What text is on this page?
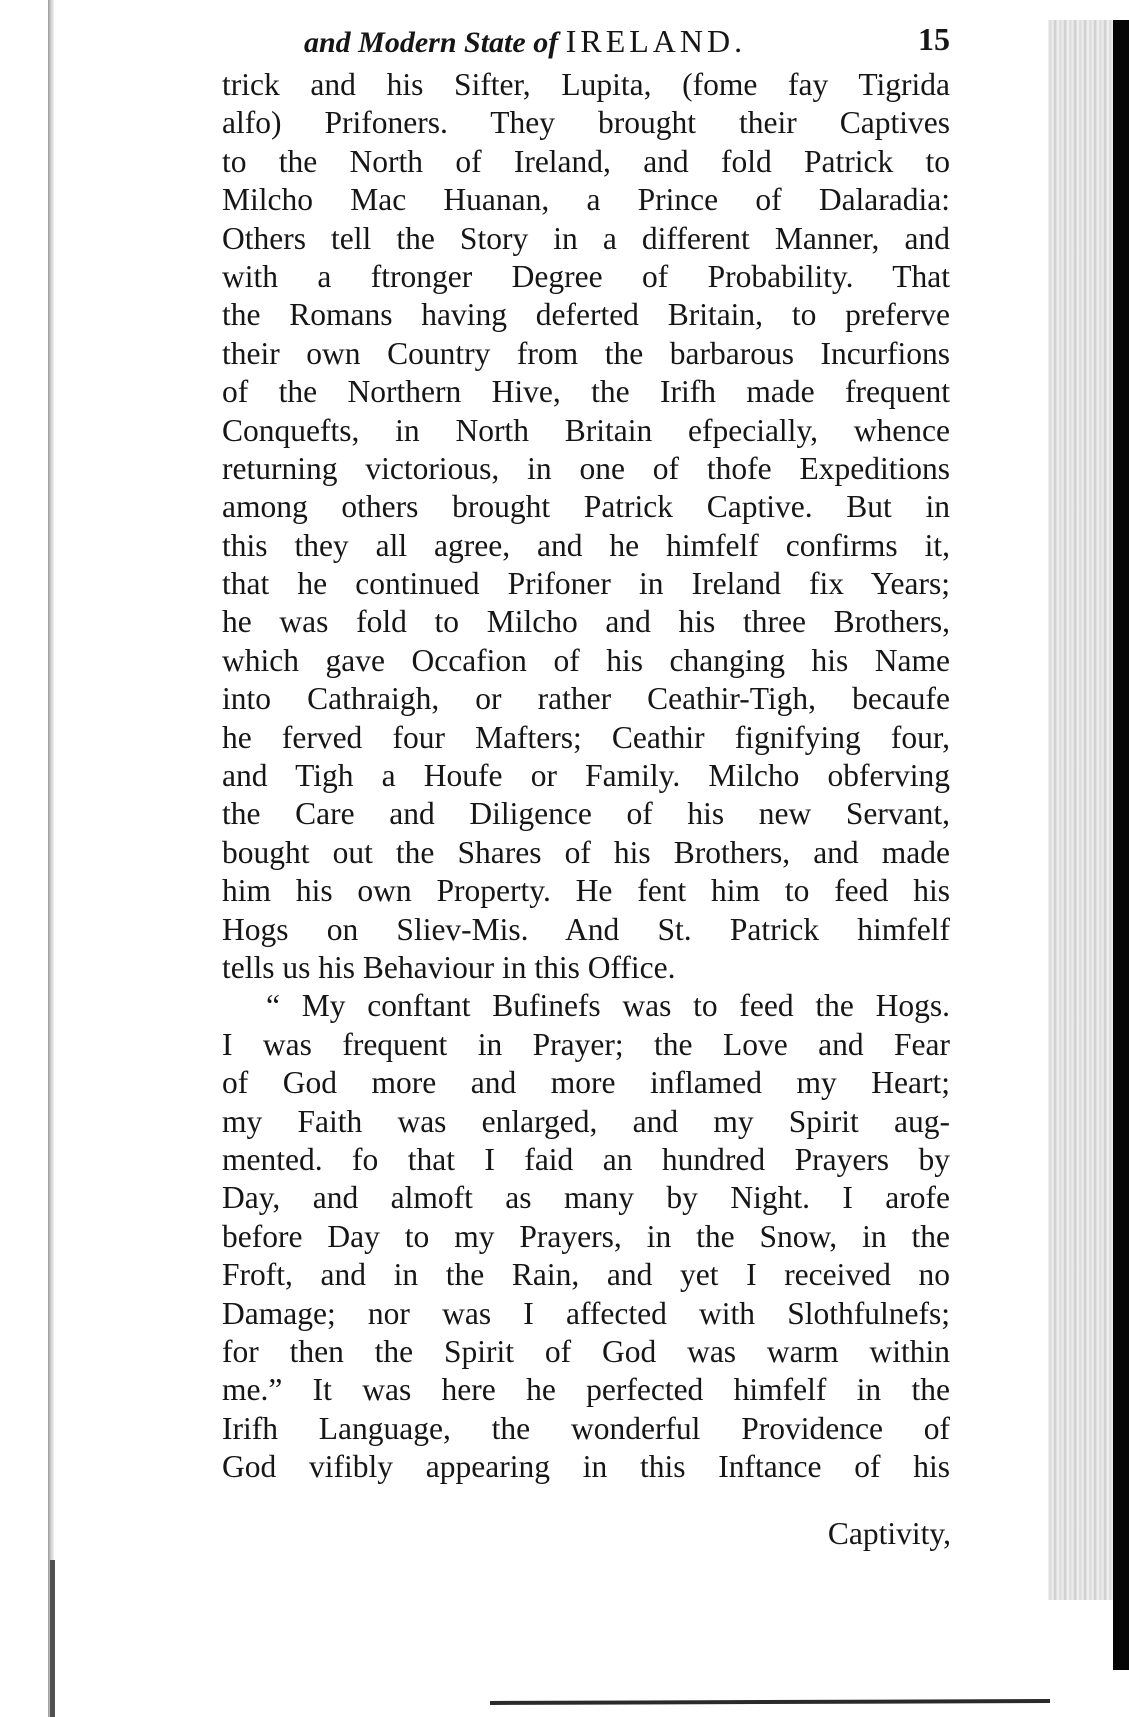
and Modern State of IRELAND.	15
trick and his Sifter, Lupita, (fome fay Tigrida
alfo) Prifoners. They brought their Captives
to the North of Ireland, and fold Patrick to
Milcho Mac Huanan, a Prince of Dalaradia:
Others tell the Story in a different Manner, and
with a ftronger Degree of Probability. That
the Romans having deferted Britain, to preferve
their own Country from the barbarous Incurfions
of the Northern Hive, the Irifh made frequent
Conquefts, in North Britain efpecially, whence
returning victorious, in one of thofe Expeditions
among others brought Patrick Captive. But in
this they all agree, and he himfelf confirms it,
that he continued Prifoner in Ireland fix Years;
he was fold to Milcho and his three Brothers,
which gave Occafion of his changing his Name
into Cathraigh, or rather Ceathir-Tigh, becaufe
he ferved four Mafters; Ceathir fignifying four,
and Tigh a Houfe or Family. Milcho obferving
the Care and Diligence of his new Servant,
bought out the Shares of his Brothers, and made
him his own Property. He fent him to feed his
Hogs on Sliev-Mis. And St. Patrick himfelf
tells us his Behaviour in this Office.
“ My conftant Bufinefs was to feed the Hogs.
I was frequent in Prayer; the Love and Fear
of God more and more inflamed my Heart;
my Faith was enlarged, and my Spirit aug-
mented. fo that I faid an hundred Prayers by
Day, and almoft as many by Night. I arofe
before Day to my Prayers, in the Snow, in the
Froft, and in the Rain, and yet I received no
Damage; nor was I affected with Slothfulnefs;
for then the Spirit of God was warm within
me.” It was here he perfected himfelf in the
Irifh Language, the wonderful Providence of
God vifibly appearing in this Inftance of his
Captivity,
